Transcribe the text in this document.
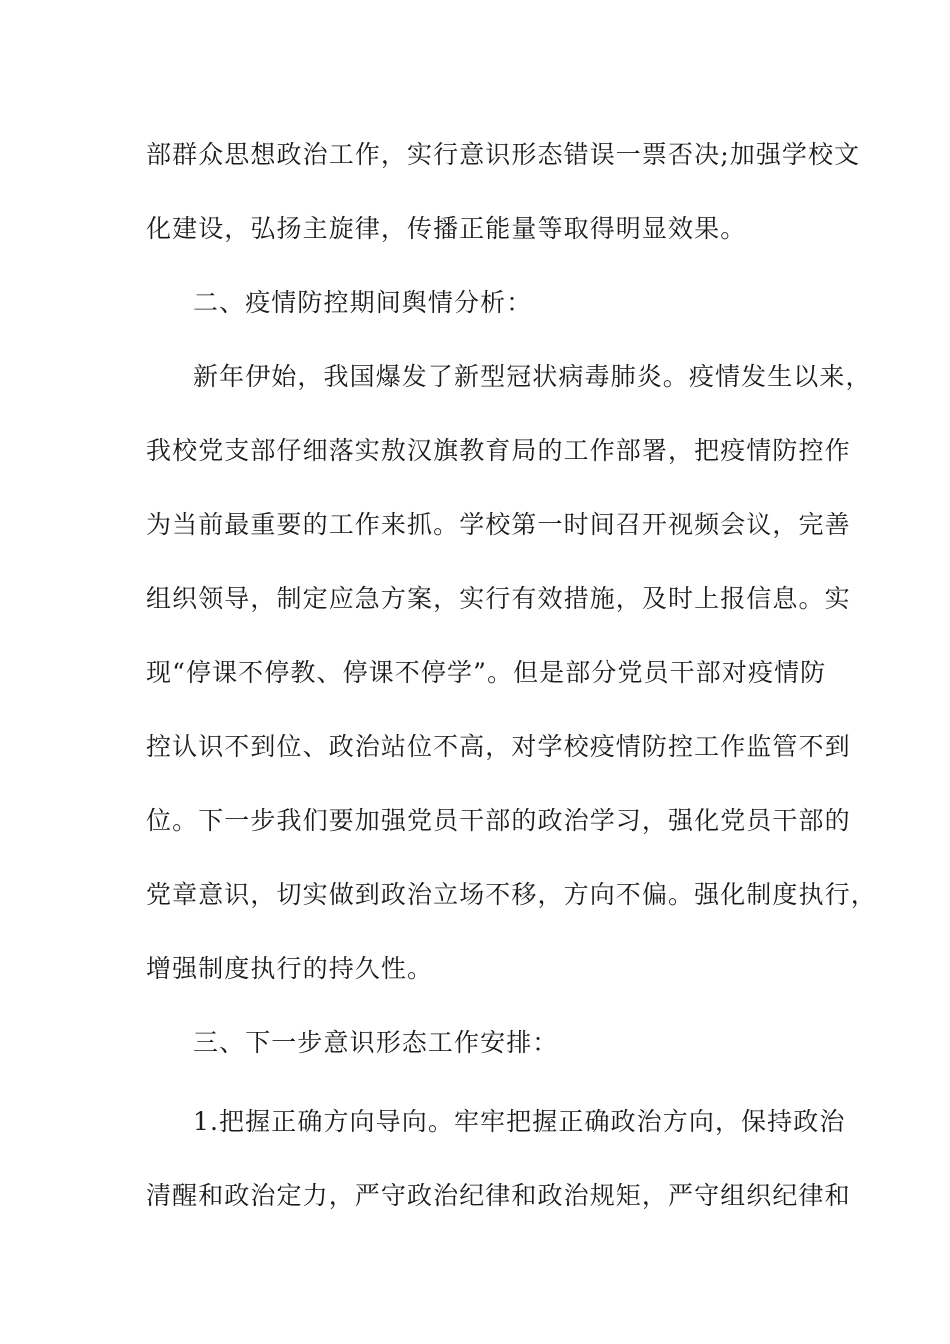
部群众思想政治工作，实行意识形态错误一票否决;加强学校文
化建设，弘扬主旋律，传播正能量等取得明显效果。
二、疫情防控期间舆情分析：
新年伊始，我国爆发了新型冠状病毒肺炎。疫情发生以来，
我校党支部仔细落实敖汉旗教育局的工作部署，把疫情防控作
为当前最重要的工作来抓。学校第一时间召开视频会议，完善
组织领导，制定应急方案，实行有效措施，及时上报信息。实
现“停课不停教、停课不停学”。但是部分党员干部对疫情防
控认识不到位、政治站位不高，对学校疫情防控工作监管不到
位。下一步我们要加强党员干部的政治学习，强化党员干部的
党章意识，切实做到政治立场不移，方向不偏。强化制度执行，
增强制度执行的持久性。
三、下一步意识形态工作安排：
1.把握正确方向导向。牢牢把握正确政治方向，保持政治
清醒和政治定力，严守政治纪律和政治规矩，严守组织纪律和
